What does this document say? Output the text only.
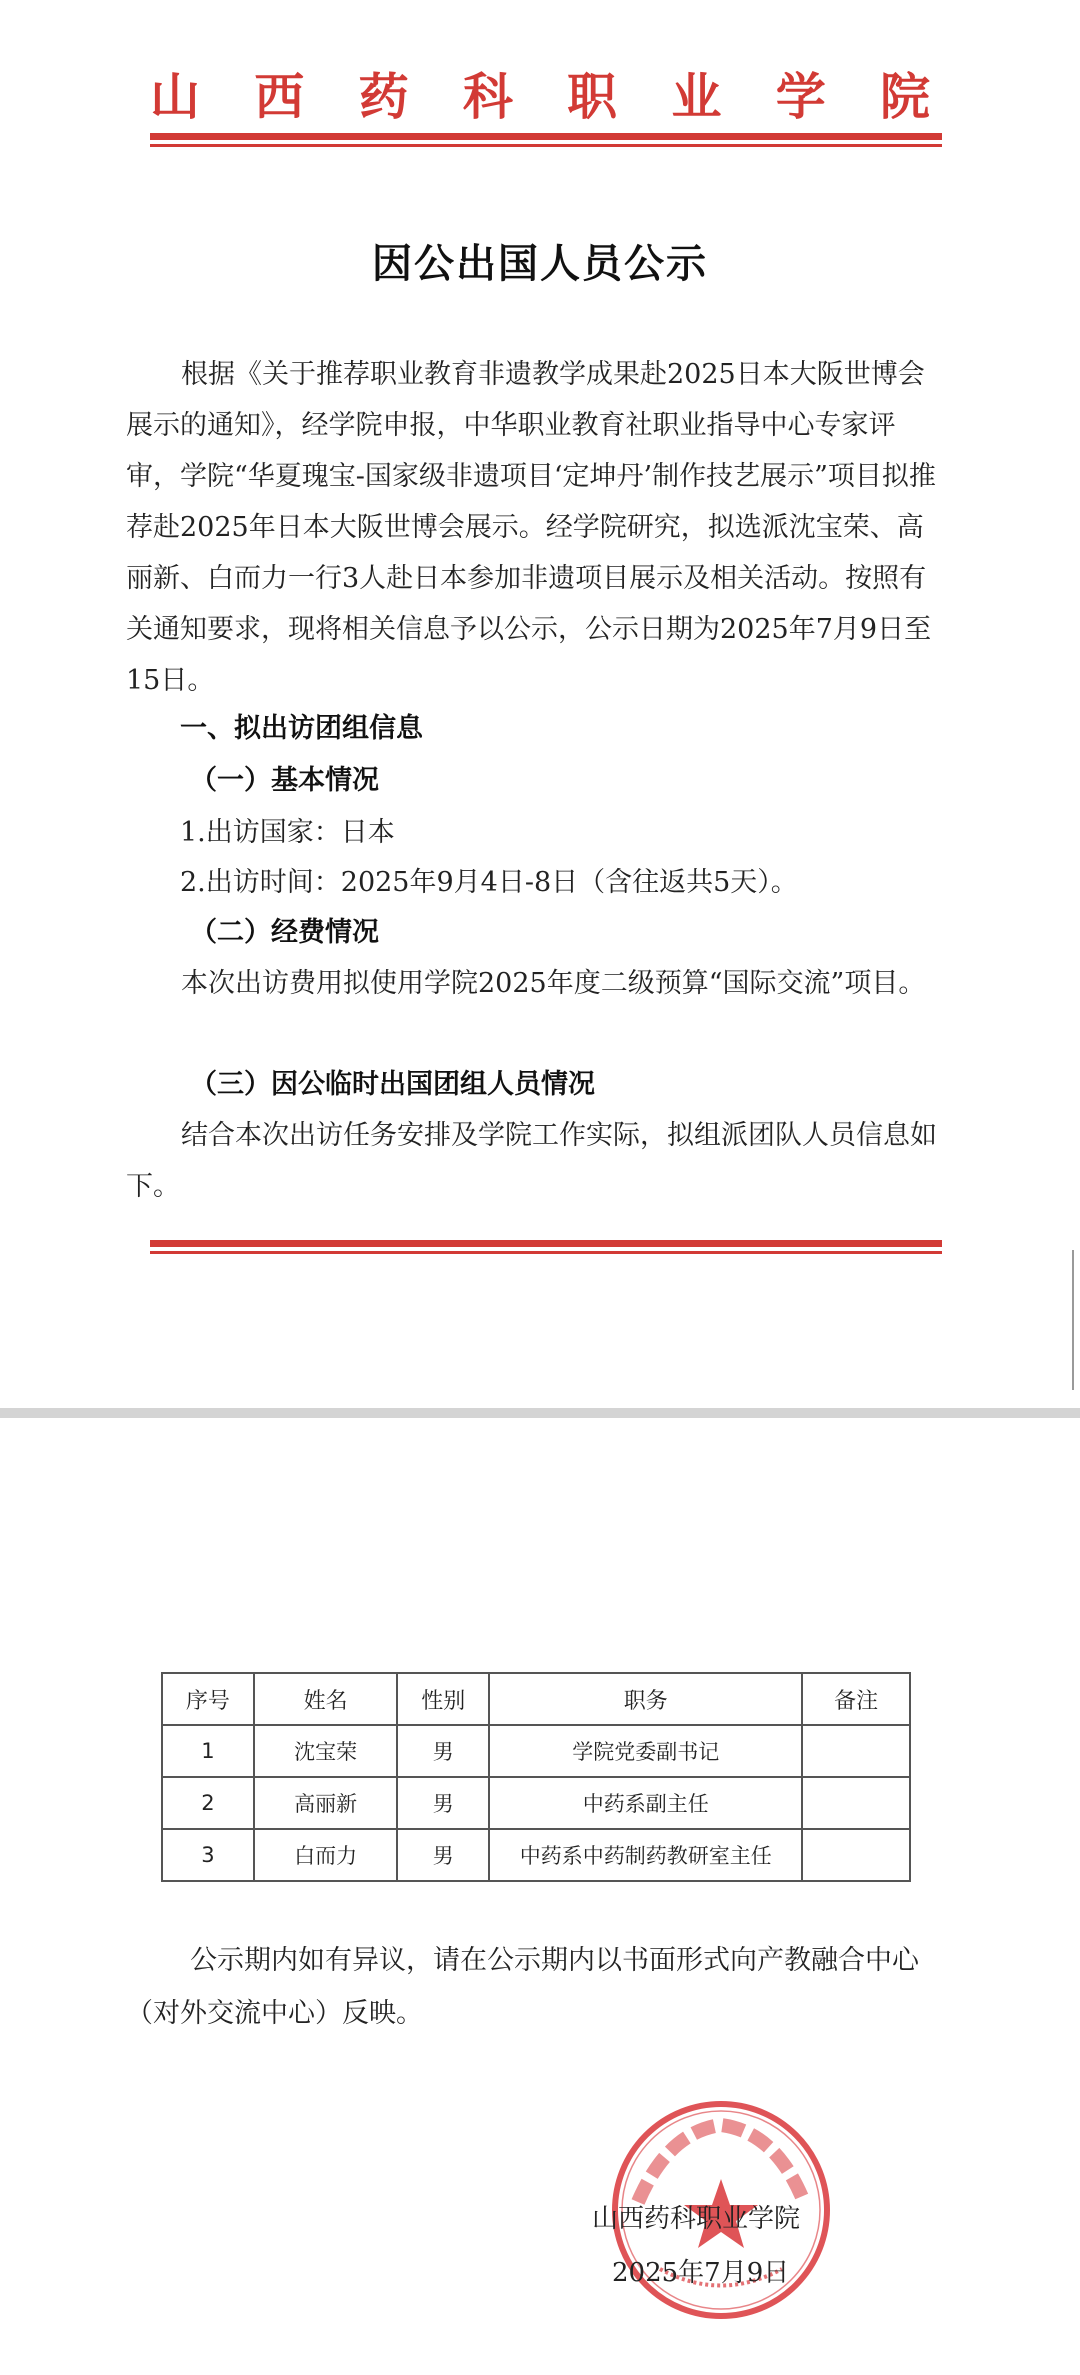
山 西 药 科 职 业 学 院
因公出国人员公示
根据《关于推荐职业教育非遗教学成果赴2025日本大阪世博会展示的通知》，经学院申报，中华职业教育社职业指导中心专家评审，学院“华夏瑰宝-国家级非遗项目‘定坤丹’制作技艺展示”项目拟推荐赴2025年日本大阪世博会展示。经学院研究，拟选派沈宝荣、高丽新、白而力一行3人赴日本参加非遗项目展示及相关活动。按照有关通知要求，现将相关信息予以公示，公示日期为2025年7月9日至15日。
一、拟出访团组信息
（一）基本情况
1.出访国家：日本
2.出访时间：2025年9月4日-8日（含往返共5天）。
（二）经费情况
本次出访费用拟使用学院2025年度二级预算“国际交流”项目。
（三）因公临时出国团组人员情况
结合本次出访任务安排及学院工作实际，拟组派团队人员信息如下。
序号	姓名	性别	职务	备注
1	沈宝荣	男	学院党委副书记	
2	高丽新	男	中药系副主任	
3	白而力	男	中药系中药制药教研室主任	
公示期内如有异议，请在公示期内以书面形式向产教融合中心（对外交流中心）反映。
山西药科职业学院
2025年7月9日
